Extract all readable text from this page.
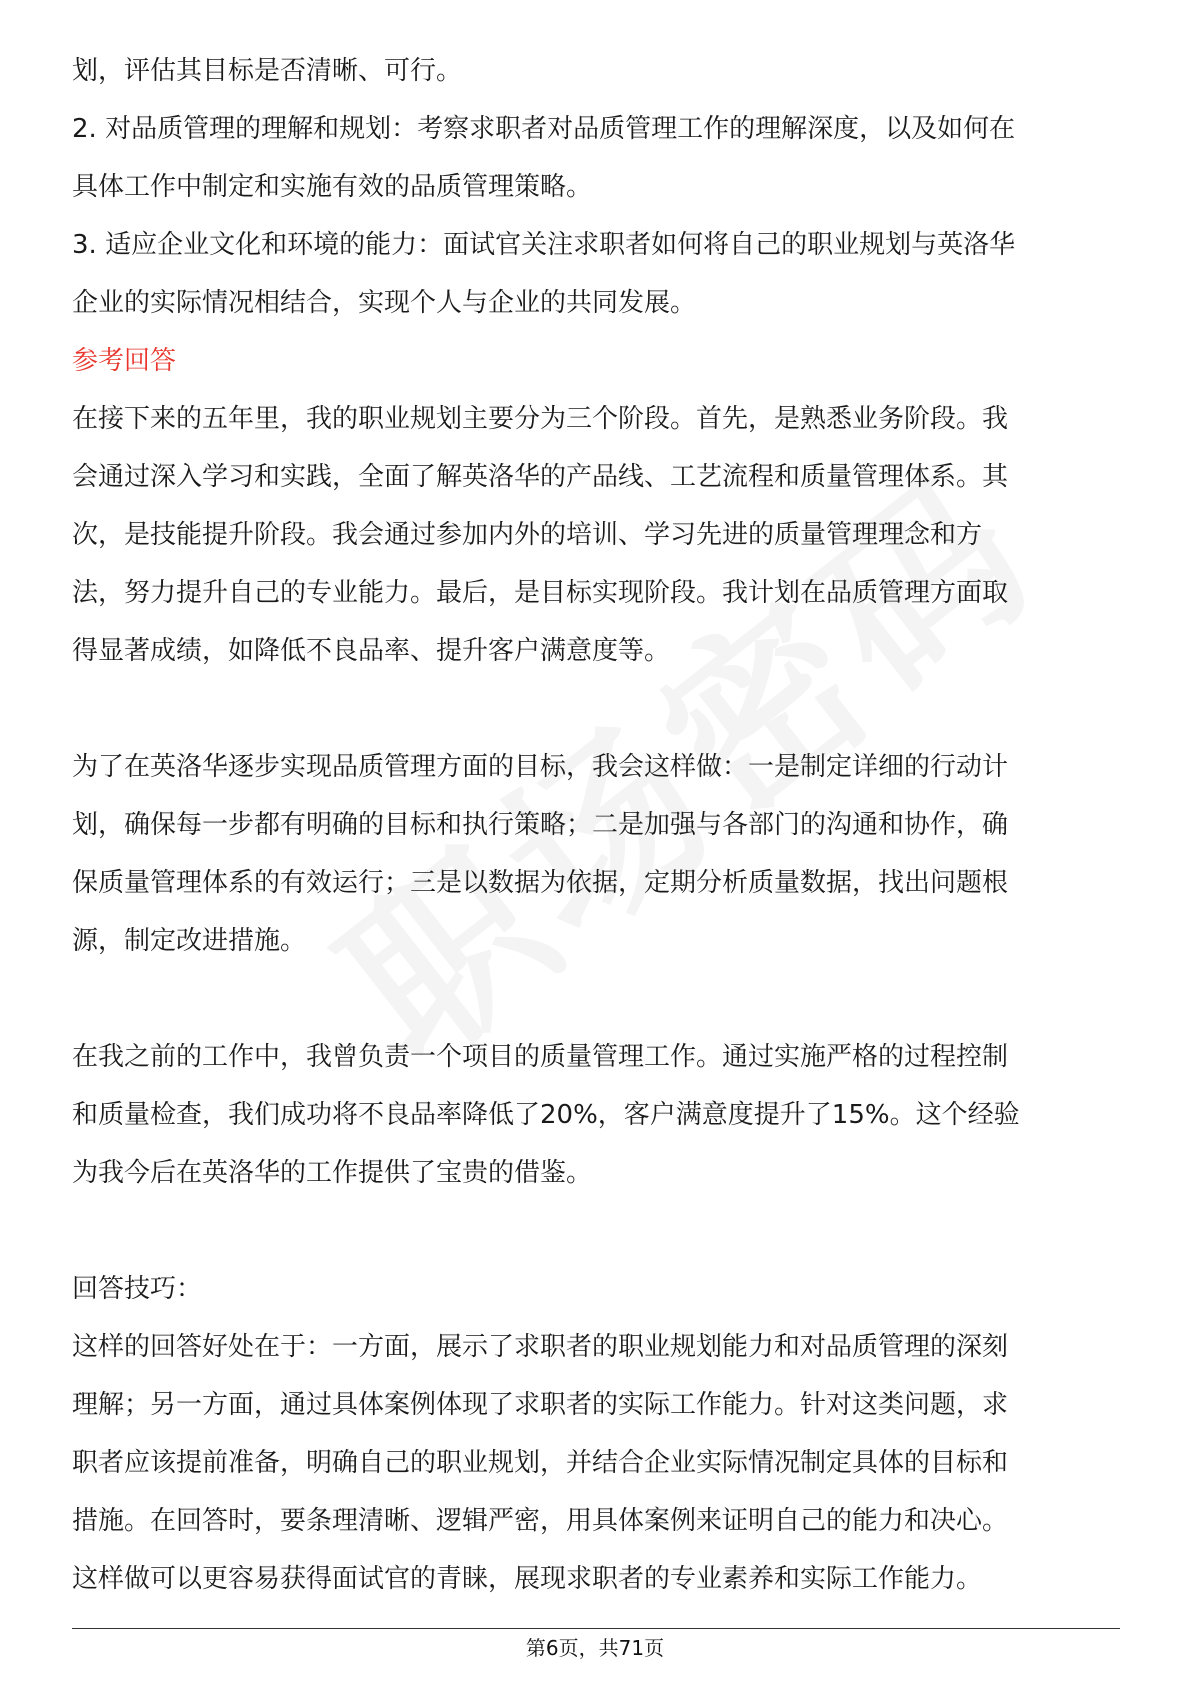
划，评估其目标是否清晰、可行。

2. 对品质管理的理解和规划：考察求职者对品质管理工作的理解深度，以及如何在

具体工作中制定和实施有效的品质管理策略。

3. 适应企业文化和环境的能力：面试官关注求职者如何将自己的职业规划与英洛华

企业的实际情况相结合，实现个人与企业的共同发展。

参考回答

在接下来的五年里，我的职业规划主要分为三个阶段。首先，是熟悉业务阶段。我

会通过深入学习和实践，全面了解英洛华的产品线、工艺流程和质量管理体系。其

次，是技能提升阶段。我会通过参加内外的培训、学习先进的质量管理理念和方

法，努力提升自己的专业能力。最后，是目标实现阶段。我计划在品质管理方面取

得显著成绩，如降低不良品率、提升客户满意度等。

为了在英洛华逐步实现品质管理方面的目标，我会这样做：一是制定详细的行动计

划，确保每一步都有明确的目标和执行策略；二是加强与各部门的沟通和协作，确

保质量管理体系的有效运行；三是以数据为依据，定期分析质量数据，找出问题根

源，制定改进措施。

在我之前的工作中，我曾负责一个项目的质量管理工作。通过实施严格的过程控制

和质量检查，我们成功将不良品率降低了20%，客户满意度提升了15%。这个经验

为我今后在英洛华的工作提供了宝贵的借鉴。

回答技巧：

这样的回答好处在于：一方面，展示了求职者的职业规划能力和对品质管理的深刻

理解；另一方面，通过具体案例体现了求职者的实际工作能力。针对这类问题，求

职者应该提前准备，明确自己的职业规划，并结合企业实际情况制定具体的目标和

措施。在回答时，要条理清晰、逻辑严密，用具体案例来证明自己的能力和决心。

这样做可以更容易获得面试官的青睐，展现求职者的专业素养和实际工作能力。

第6页，共71页
